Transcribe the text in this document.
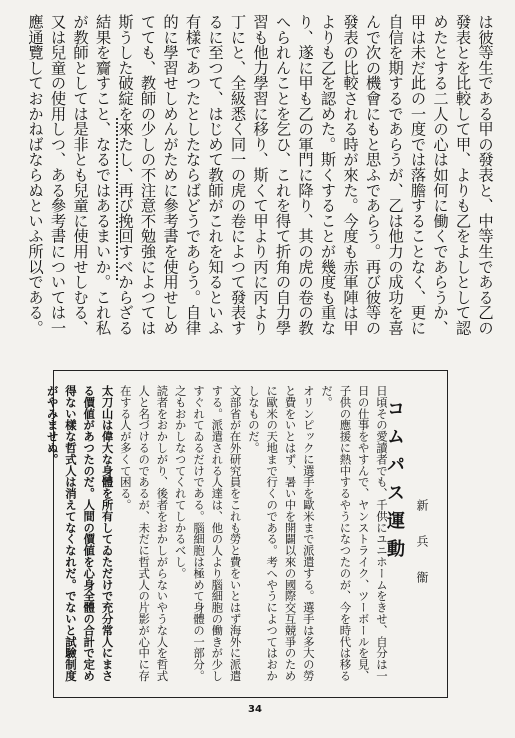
は彼等生である甲の發表と、中等生である乙の發表とを比較して甲、よりも乙をよしとして認めたとする二人の心は如何に働くであらうか、甲は未だ此の一度では落膽することなく、更に自信を期するであらうが、乙は他力の成功を喜んで次の機會にもと思ふであらう。再び彼等の發表の比較される時が來た。今度も赤軍陣は甲よりも乙を認めた。斯くすることが幾度も重なり、遂に甲も乙の軍門に降り、其の虎の卷の教へられんことを乞ひ、これを得て折角の自力學習も他力學習に移り、斯くて甲より丙に丙より丁にと、全級悉く同一の虎の卷によつて發表するに至つて、はじめて教師がこれを知るといふ有樣であつたとしたならばどうであらう。自律的に學習せしめんがために參考書を使用せしめてても、教師の少しの不注意不勉強によつては斯うした破綻を來たし、再び挽回すべからざる結果を齎すこと、なるではあるまいか。これ私が教師としては是非とも兒童に使用せしむる、又は兒童の使用しつ、ある參考書については一應通覽しておかねばならぬといふ所以である。

コムパス運動 新　兵　衞

日頃その愛讀者でも、千供にユニホームをきせ、自分は一日の仕事をやすんで、ヤンストライク、ツーボールを見、子供の應援に熱中するやうになつたのが、今を時代は移るだ。

オリンピックに選手を歐米まで派遣する。選手は多大の勞と費をいとはず、暑い中を開闢以來の國際交互競爭のために歐米の天地まで行くのである。考へやうによつてはおかしなものだ。

文部省が在外研究員をこれも勞と費をいとはず海外に派遣する。派遣される人達は、他の人より腦細胞の働きが少しすぐれてゐるだけである。腦細胞は極めて身體の一部分。之もおかしなつてくれてしかるべし。

読者をおかしがり、後者をおかしがらないやうな人を哲式人と名づけるのであるが、未だに哲式人の片影が心中に存在する人が多くて困る。

太刀山は偉大な身體を所有してゐただけで充分常人にまさる價値があつたのだ。人間の價値を心身全體の合計で定め得ない樣な哲式人は消えてなくなれだ。でないと試驗制度がやみませぬ。

34
